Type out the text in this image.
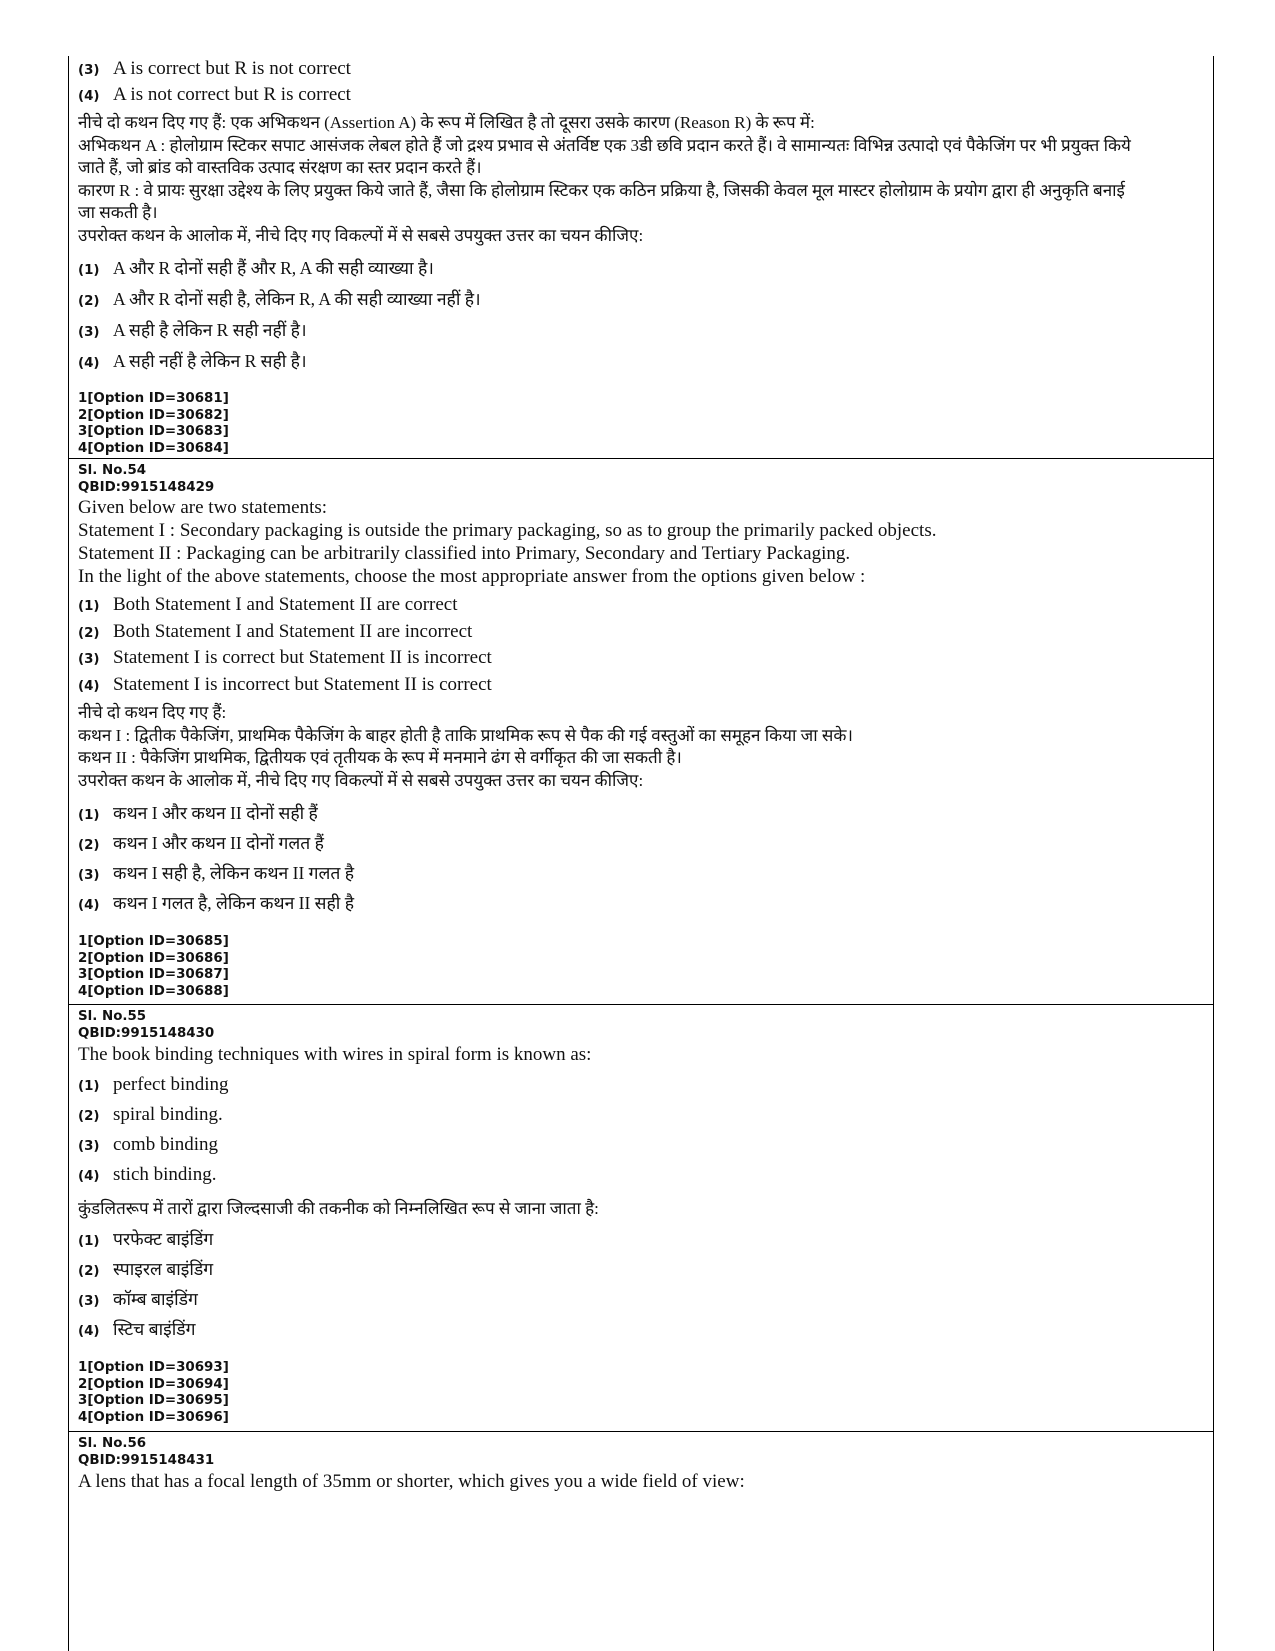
(3) A is correct but R is not correct
(4) A is not correct but R is correct

नीचे दो कथन दिए गए हैं: एक अभिकथन (Assertion A) के रूप में लिखित है तो दूसरा उसके कारण (Reason R) के रूप में:

अभिकथन A : होलोग्राम स्टिकर सपाट आसंजक लेबल होते हैं जो द्रश्य प्रभाव से अंतर्विष्ट एक 3डी छवि प्रदान करते हैं। वे सामान्यतः विभिन्न उत्पादो एवं पैकेजिंग पर भी प्रयुक्त किये

जाते हैं, जो ब्रांड को वास्तविक उत्पाद संरक्षण का स्तर प्रदान करते हैं।

कारण R : वे प्रायः सुरक्षा उद्देश्य के लिए प्रयुक्त किये जाते हैं, जैसा कि होलोग्राम स्टिकर एक कठिन प्रक्रिया है, जिसकी केवल मूल मास्टर होलोग्राम के प्रयोग द्वारा ही अनुकृति बनाई

जा सकती है।

उपरोक्त कथन के आलोक में, नीचे दिए गए विकल्पों में से सबसे उपयुक्त उत्तर का चयन कीजिए:

(1) A और R दोनों सही हैं और R, A की सही व्याख्या है।
(2) A और R दोनों सही है, लेकिन R, A की सही व्याख्या नहीं है।
(3) A सही है लेकिन R सही नहीं है।
(4) A सही नहीं है लेकिन R सही है।

1[Option ID=30681]

2[Option ID=30682]

3[Option ID=30683]

4[Option ID=30684]

Sl. No.54

QBID:9915148429

Given below are two statements:

Statement I : Secondary packaging is outside the primary packaging, so as to group the primarily packed objects.

Statement II : Packaging can be arbitrarily classified into Primary, Secondary and Tertiary Packaging.

In the light of the above statements, choose the most appropriate answer from the options given below :

(1) Both Statement I and Statement II are correct
(2) Both Statement I and Statement II are incorrect
(3) Statement I is correct but Statement II is incorrect
(4) Statement I is incorrect but Statement II is correct

नीचे दो कथन दिए गए हैं:

कथन I : द्वितीक पैकेजिंग, प्राथमिक पैकेजिंग के बाहर होती है ताकि प्राथमिक रूप से पैक की गई वस्तुओं का समूहन किया जा सके।

कथन II : पैकेजिंग प्राथमिक, द्वितीयक एवं तृतीयक के रूप में मनमाने ढंग से वर्गीकृत की जा सकती है।

उपरोक्त कथन के आलोक में, नीचे दिए गए विकल्पों में से सबसे उपयुक्त उत्तर का चयन कीजिए:

(1) कथन I और कथन II दोनों सही हैं
(2) कथन I और कथन II दोनों गलत हैं
(3) कथन I सही है, लेकिन कथन II गलत है
(4) कथन I गलत है, लेकिन कथन II सही है

1[Option ID=30685]

2[Option ID=30686]

3[Option ID=30687]

4[Option ID=30688]

Sl. No.55

QBID:9915148430

The book binding techniques with wires in spiral form is known as:

(1) perfect binding
(2) spiral binding.
(3) comb binding
(4) stich binding.

कुंडलितरूप में तारों द्वारा जिल्दसाजी की तकनीक को निम्नलिखित रूप से जाना जाता है:

(1) परफेक्ट बाइंडिंग
(2) स्पाइरल बाइंडिंग
(3) कॉम्ब बाइंडिंग
(4) स्टिच बाइंडिंग

1[Option ID=30693]

2[Option ID=30694]

3[Option ID=30695]

4[Option ID=30696]

Sl. No.56

QBID:9915148431

A lens that has a focal length of 35mm or shorter, which gives you a wide field of view:
